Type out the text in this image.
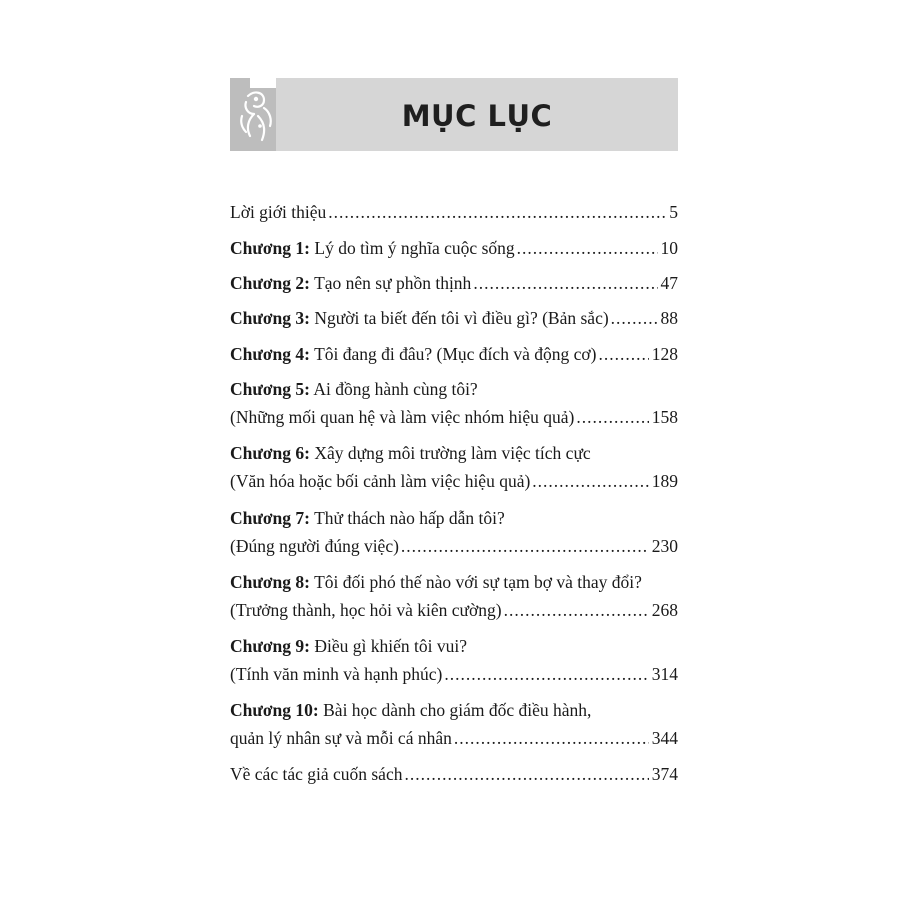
MỤC LỤC
Lời giới thiệu .....	5
Chương 1: Lý do tìm ý nghĩa cuộc sống .....	10
Chương 2: Tạo nên sự phồn thịnh .....	47
Chương 3: Người ta biết đến tôi vì điều gì? (Bản sắc) .....	88
Chương 4: Tôi đang đi đâu? (Mục đích và động cơ) .....	128
Chương 5: Ai đồng hành cùng tôi?
(Những mối quan hệ và làm việc nhóm hiệu quả) .....	158
Chương 6: Xây dựng môi trường làm việc tích cực
(Văn hóa hoặc bối cảnh làm việc hiệu quả) .....	189
Chương 7: Thử thách nào hấp dẫn tôi?
(Đúng người đúng việc) .....	230
Chương 8: Tôi đối phó thế nào với sự tạm bợ và thay đổi?
(Trưởng thành, học hỏi và kiên cường) .....	268
Chương 9: Điều gì khiến tôi vui?
(Tính văn minh và hạnh phúc) .....	314
Chương 10: Bài học dành cho giám đốc điều hành,
quản lý nhân sự và mỗi cá nhân .....	344
Về các tác giả cuốn sách .....	374
